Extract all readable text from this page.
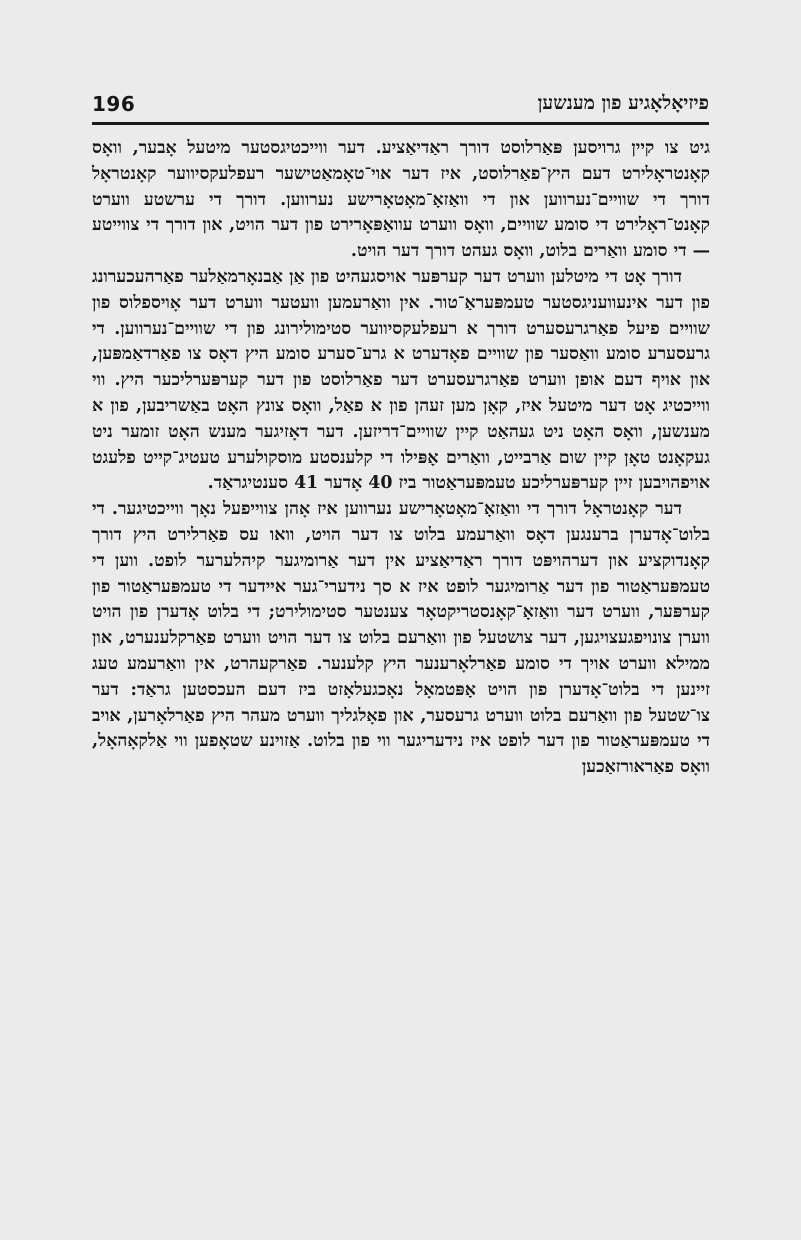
196	פיזיאָלאָגיע פון מענשען

גיט צו קיין גרויסען פּאַרלוסט דורך ראַדיאַציע. דער ווייכטיגסטער מיטעל אָבער, וואָס קאָנטראָלירט דעם היץ־פאַרלוסט, איז דער אוי־טאָמאַטישער רעפלעקסיווער קאָנטראָל דורך די שוויים־נערווען און די וואַזאָ־מאָטאָרישע נערווען. דורך די ערשטע ווערט קאָנט־ראָלירט די סומע שוויים, וואָס ווערט עוואַפּאָרירט פון דער הויט, און דורך די צווייטע — די סומע וואַרים בלוט, וואָס געהט דורך דער הויט.

דורך אָט די מיטלען ווערט דער קערפּער אויסגעהיט פון אַן אַבנאָרמאַלער פאַרהעכערונג פון דער אינעוועניגסטער טעמפּעראַ־טור. אין וואַרעמען וועטער ווערט דער אָויספלוס פון שוויים פיעל פאַרגרעסערט דורך א רעפלעקסיווער סטימולירונג פון די שוויים־נערווען. די גרעסערע סומע וואַסער פון שוויים פאָדערט א גרע־סערע סומע היץ דאָס צו פאַרדאַמפּען, און אויף דעם אופן ווערט פאַרגרעסערט דער פאַרלוסט פון דער קערפּערליכער היץ. ווי ווייכטיג אָט דער מיטעל איז, קאָן מען זעהן פון א פאַל, וואָס צונץ האָט באַשריבען, פון א מענשען, וואָס האָט ניט געהאַט קיין שוויים־דריזען. דער דאָזיגער מענש האָט זומער ניט געקאָנט טאָן קיין שום אַרבייט, וואַרים אָפּילו די קלענסטע מוסקולערע טעטיג־קייט פלעגט אויפהויבען זיין קערפּערליכע טעמפּעראַטור ביז 40 אָדער 41 סענטיגראַד.

דער קאָנטראָל דורך די וואַזאָ־מאָטאָרישע נערווען איז אָהן צווייפעל נאָך ווייכטיגער. די בלוט־אָדערן ברענגען דאָס וואַרעמע בלוט צו דער הויט, וואו עס פאַרלירט היץ דורך קאָנדוקציע און דערהויפּט דורך ראַדיאַציע אין דער אַרומיגער קיהלערער לופט. ווען די טעמפּעראַטור פון דער אַרומיגער לופט איז א סך נידערי־גער איידער די טעמפּעראַטור פון קערפּער, ווערט דער וואַזאָ־קאָנסטריקטאָר צענטער סטימולירט; די בלוט אָדערן פון הויט ווערן צונויפגעצויגען, דער צושטעל פון וואַרעם בלוט צו דער הויט ווערט פאַרקלענערט, און ממילא ווערט אויך די סומע פאַרלאָרענער היץ קלענער. פאַרקעהרט, אין וואַרעמע טעג זיינען די בלוט־אָדערן פון הויט אָפּטמאָל נאָכגעלאָזט ביז דעם העכסטען גראַד: דער צו־שטעל פון וואַרעם בלוט ווערט גרעסער, און פאָלגליך ווערט מעהר היץ פאַרלאָרען, אויב די טעמפּעראַטור פון דער לופט איז נידעריגער ווי פון בלוט. אַזוינע שטאָפען ווי אַלקאָהאָל, וואָס פאַראורזאַכען
